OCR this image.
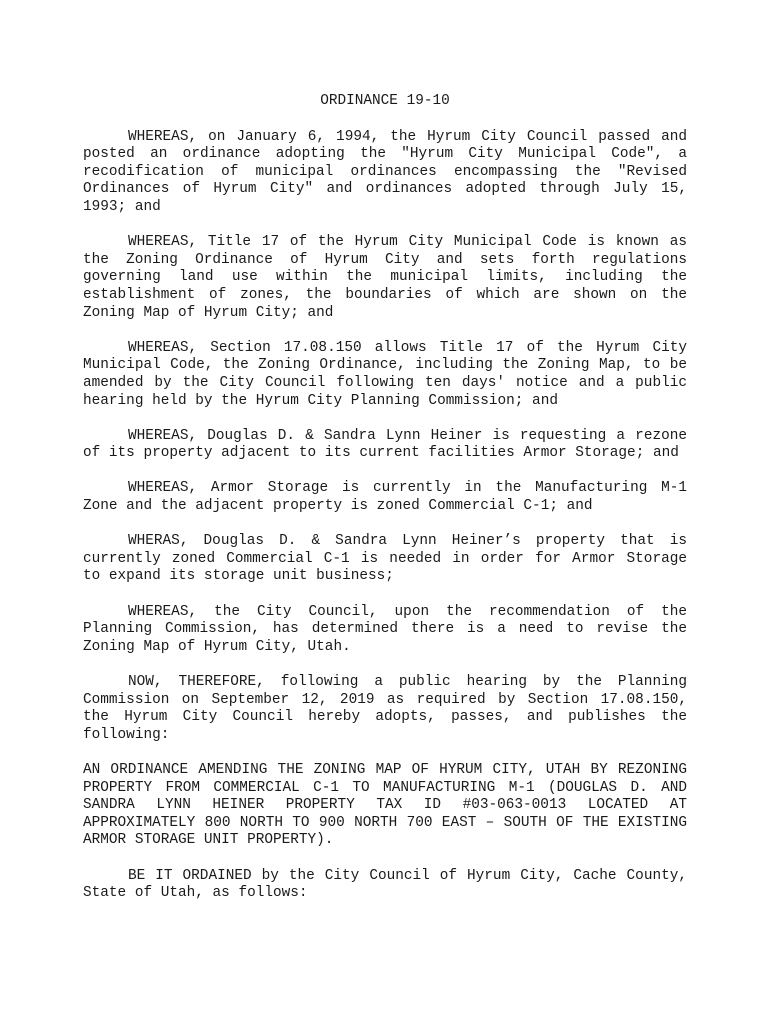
ORDINANCE 19-10

WHEREAS, on January 6, 1994, the Hyrum City Council passed and posted an ordinance adopting the "Hyrum City Municipal Code", a recodification of municipal ordinances encompassing the "Revised Ordinances of Hyrum City" and ordinances adopted through July 15, 1993; and

WHEREAS, Title 17 of the Hyrum City Municipal Code is known as the Zoning Ordinance of Hyrum City and sets forth regulations governing land use within the municipal limits, including the establishment of zones, the boundaries of which are shown on the Zoning Map of Hyrum City; and

WHEREAS, Section 17.08.150 allows Title 17 of the Hyrum City Municipal Code, the Zoning Ordinance, including the Zoning Map, to be amended by the City Council following ten days' notice and a public hearing held by the Hyrum City Planning Commission; and

WHEREAS, Douglas D. & Sandra Lynn Heiner is requesting a rezone of its property adjacent to its current facilities Armor Storage; and

WHEREAS, Armor Storage is currently in the Manufacturing M-1 Zone and the adjacent property is zoned Commercial C-1; and

WHERAS, Douglas D. & Sandra Lynn Heiner’s property that is currently zoned Commercial C-1 is needed in order for Armor Storage to expand its storage unit business;

WHEREAS, the City Council, upon the recommendation of the Planning Commission, has determined there is a need to revise the Zoning Map of Hyrum City, Utah.

NOW, THEREFORE, following a public hearing by the Planning Commission on September 12, 2019 as required by Section 17.08.150, the Hyrum City Council hereby adopts, passes, and publishes the following:

AN ORDINANCE AMENDING THE ZONING MAP OF HYRUM CITY, UTAH BY REZONING PROPERTY FROM COMMERCIAL C-1 TO MANUFACTURING M-1 (DOUGLAS D. AND SANDRA LYNN HEINER PROPERTY TAX ID #03-063-0013 LOCATED AT APPROXIMATELY 800 NORTH TO 900 NORTH 700 EAST – SOUTH OF THE EXISTING ARMOR STORAGE UNIT PROPERTY).

BE IT ORDAINED by the City Council of Hyrum City, Cache County, State of Utah, as follows:
